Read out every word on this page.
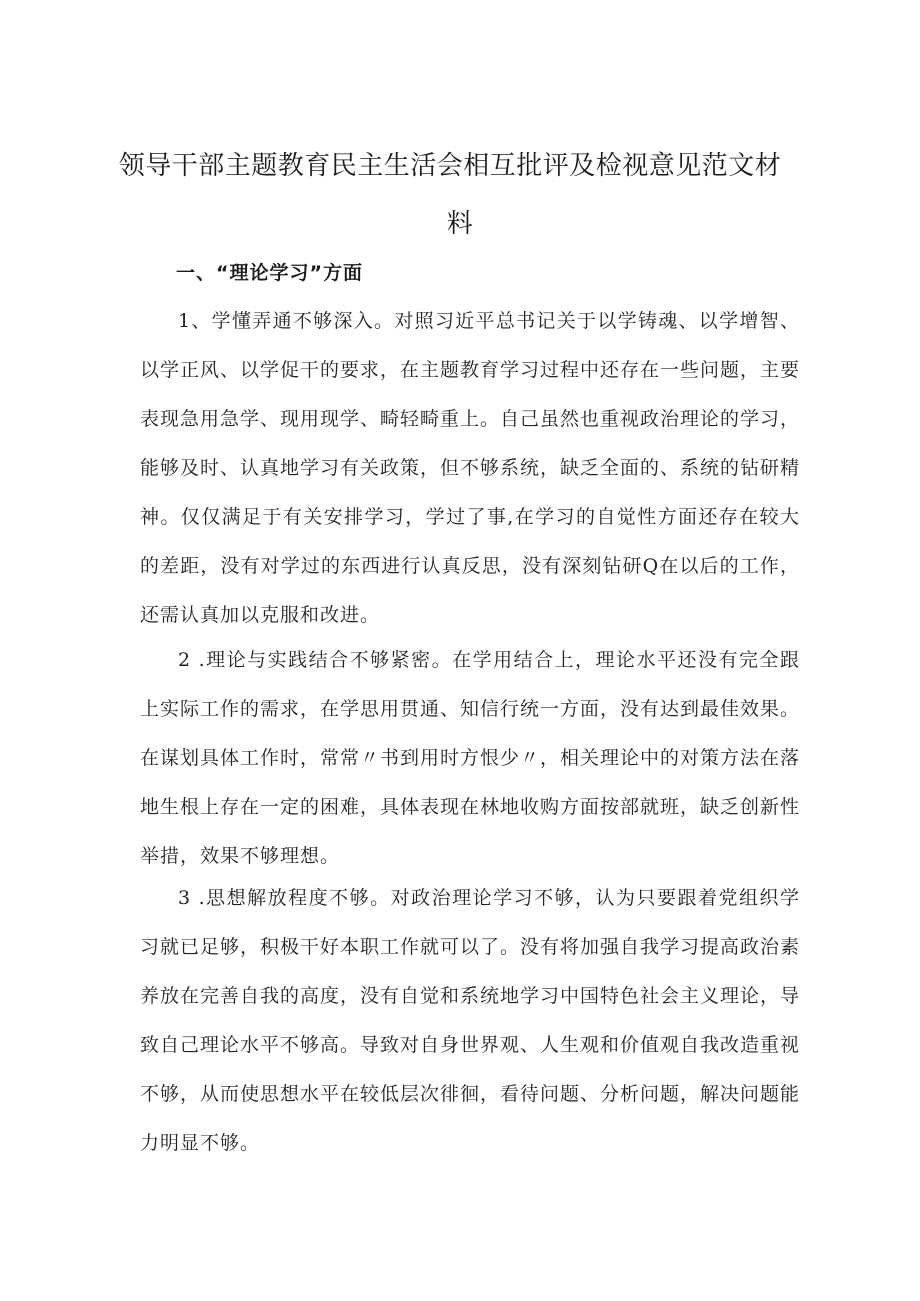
领导干部主题教育民主生活会相互批评及检视意见范文材
料
一、“理论学习”方面

1、学懂弄通不够深入。对照习近平总书记关于以学铸魂、以学增智、以学正风、以学促干的要求，在主题教育学习过程中还存在一些问题，主要表现急用急学、现用现学、畸轻畸重上。自己虽然也重视政治理论的学习，能够及时、认真地学习有关政策，但不够系统，缺乏全面的、系统的钻研精神。仅仅满足于有关安排学习，学过了事,在学习的自觉性方面还存在较大的差距，没有对学过的东西进行认真反思，没有深刻钻研Q在以后的工作，还需认真加以克服和改进。

2 .理论与实践结合不够紧密。在学用结合上，理论水平还没有完全跟上实际工作的需求，在学思用贯通、知信行统一方面，没有达到最佳效果。在谋划具体工作时，常常〃书到用时方恨少〃，相关理论中的对策方法在落地生根上存在一定的困难，具体表现在林地收购方面按部就班，缺乏创新性举措，效果不够理想。

3 .思想解放程度不够。对政治理论学习不够，认为只要跟着党组织学习就已足够，积极干好本职工作就可以了。没有将加强自我学习提高政治素养放在完善自我的高度，没有自觉和系统地学习中国特色社会主义理论，导致自己理论水平不够高。导致对自身世界观、人生观和价值观自我改造重视不够，从而使思想水平在较低层次徘徊，看待问题、分析问题，解决问题能力明显不够。
